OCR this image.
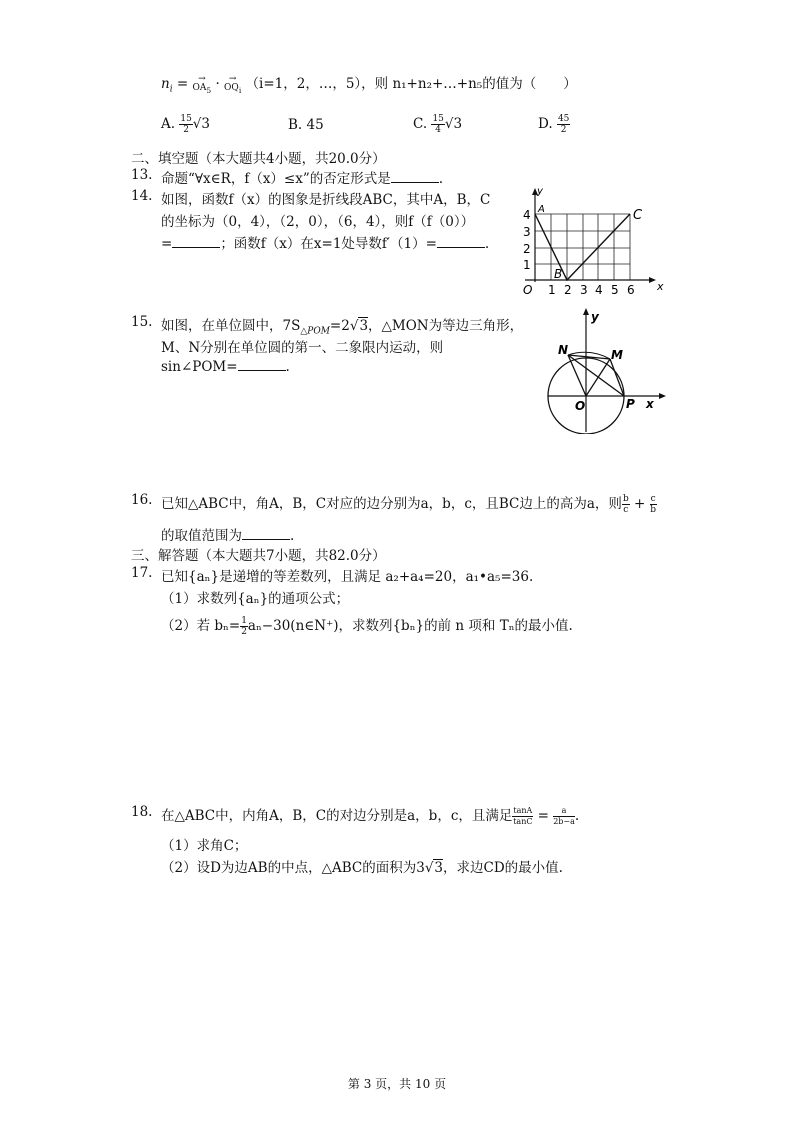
$n_i$ = →
$OA_5$ · →
$OQ_i$ （i=1，2，…，5），则 n₁+n₂+…+n₅的值为（　　）
A. $\frac{15}{2} √3$	B. 45	C. $\frac{15}{4} √3$	D. $\frac{45}{2}$
二、填空题（本大题共4小题，共20.0分）
13. 命题“∀x∈R，f（x）≤x”的否定形式是	.
14. 如图，函数f（x）的图象是折线段ABC，其中A，B，C
的坐标为（0，4），（2，0），（6，4），则f（f（0））
=	；函数f（x）在x=1处导数f′（1）=	.
1 2 3 4 5 6
1
2
3
4
O	x
y
A
B
C
15. 如图，在单位圆中，$7S_{\triangle POM}=2√3$，△MON为等边三角形，
M、N分别在单位圆的第一、二象限内运动，则
sin∠POM=	.
N	M
O	P x
y
16. 已知△ABC中，角A，B，C对应的边分别为a，b，c，且BC边上的高为a，则 $\frac{b}{c} + \frac{c}{b}$
的取值范围为	.
三、解答题（本大题共7小题，共82.0分）
17. 已知{aₙ}是递增的等差数列，且满足 a₂+a₄=20，a₁•a₅=36.
（1）求数列{aₙ}的通项公式；
（2）若 $b_n= \frac{1}{2}$ aₙ−30(n∈N⁺)，求数列{bₙ}的前 n 项和 Tₙ的最小值.
18. 在△ABC中，内角A，B，C的对边分别是a，b，c，且满足 $\frac{\tan A}{\tan C} = \frac{a}{2b-a}$ .
（1）求角C；
（2）设D为边AB的中点，△ABC的面积为3√3，求边CD的最小值.
第 3 页，共 10 页
